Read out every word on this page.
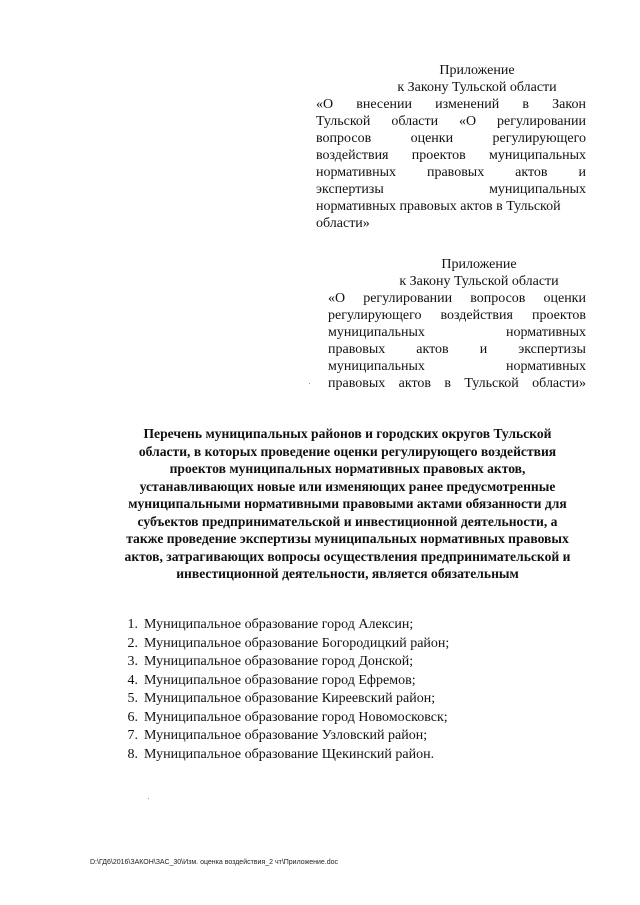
Приложение
к Закону Тульской области
«О внесении изменений в Закон
Тульской области «О регулировании
вопросов	оценки	регулирующего
воздействия проектов муниципальных
нормативных правовых актов и
экспертизы	муниципальных
нормативных правовых актов в Тульской
области»
Приложение
к Закону Тульской области
«О регулировании вопросов оценки
регулирующего воздействия проектов
муниципальных	нормативных
правовых актов и экспертизы
муниципальных	нормативных
правовых актов в Тульской области»
Перечень муниципальных районов и городских округов Тульской
области, в которых проведение оценки регулирующего воздействия
проектов муниципальных нормативных правовых актов,
устанавливающих новые или изменяющих ранее предусмотренные
муниципальными нормативными правовыми актами обязанности для
субъектов предпринимательской и инвестиционной деятельности, а
также проведение экспертизы муниципальных нормативных правовых
актов, затрагивающих вопросы осуществления предпринимательской и
инвестиционной деятельности, является обязательным
1. Муниципальное образование город Алексин;
2. Муниципальное образование Богородицкий район;
3. Муниципальное образование город Донской;
4. Муниципальное образование город Ефремов;
5. Муниципальное образование Киреевский район;
6. Муниципальное образование город Новомосковск;
7. Муниципальное образование Узловский район;
8. Муниципальное образование Щекинский район.
D:\ГД6\2016\ЗАКОН\ЗАС_30\Изм. оценка воздействия_2 чт\Приложение.doc
